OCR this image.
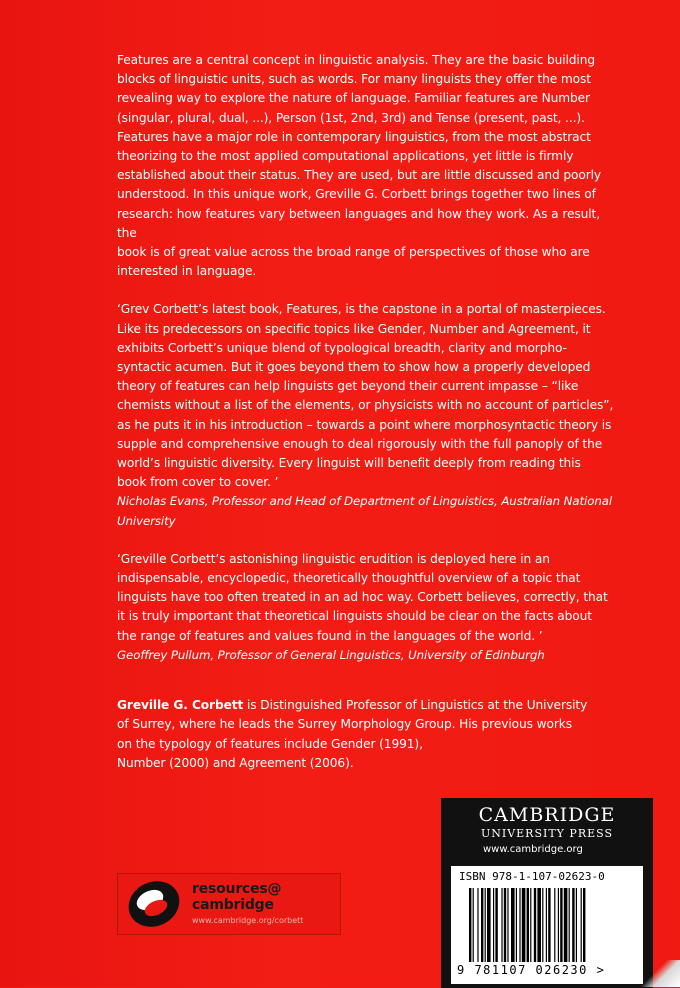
Features are a central concept in linguistic analysis. They are the basic building
blocks of linguistic units, such as words. For many linguists they offer the most
revealing way to explore the nature of language. Familiar features are Number
(singular, plural, dual, ...), Person (1st, 2nd, 3rd) and Tense (present, past, ...).
Features have a major role in contemporary linguistics, from the most abstract
theorizing to the most applied computational applications, yet little is firmly
established about their status. They are used, but are little discussed and poorly
understood. In this unique work, Greville G. Corbett brings together two lines of
research: how features vary between languages and how they work. As a result, the
book is of great value across the broad range of perspectives of those who are
interested in language.

‘Grev Corbett’s latest book, Features, is the capstone in a portal of masterpieces.
Like its predecessors on specific topics like Gender, Number and Agreement, it
exhibits Corbett’s unique blend of typological breadth, clarity and morpho-
syntactic acumen. But it goes beyond them to show how a properly developed
theory of features can help linguists get beyond their current impasse – “like
chemists without a list of the elements, or physicists with no account of particles”,
as he puts it in his introduction – towards a point where morphosyntactic theory is
supple and comprehensive enough to deal rigorously with the full panoply of the
world’s linguistic diversity. Every linguist will benefit deeply from reading this
book from cover to cover. ’

Nicholas Evans, Professor and Head of Department of Linguistics, Australian National
University

‘Greville Corbett’s astonishing linguistic erudition is deployed here in an
indispensable, encyclopedic, theoretically thoughtful overview of a topic that
linguists have too often treated in an ad hoc way. Corbett believes, correctly, that
it is truly important that theoretical linguists should be clear on the facts about
the range of features and values found in the languages of the world. ’

Geoffrey Pullum, Professor of General Linguistics, University of Edinburgh

Greville G. Corbett is Distinguished Professor of Linguistics at the University
of Surrey, where he leads the Surrey Morphology Group. His previous works
on the typology of features include Gender (1991),
Number (2000) and Agreement (2006).

resources@
cambridge
www.cambridge.org/corbett
CAMBRIDGE
UNIVERSITY PRESS
www.cambridge.org
ISBN 978-1-107-02623-0
9 781107 026230 >
